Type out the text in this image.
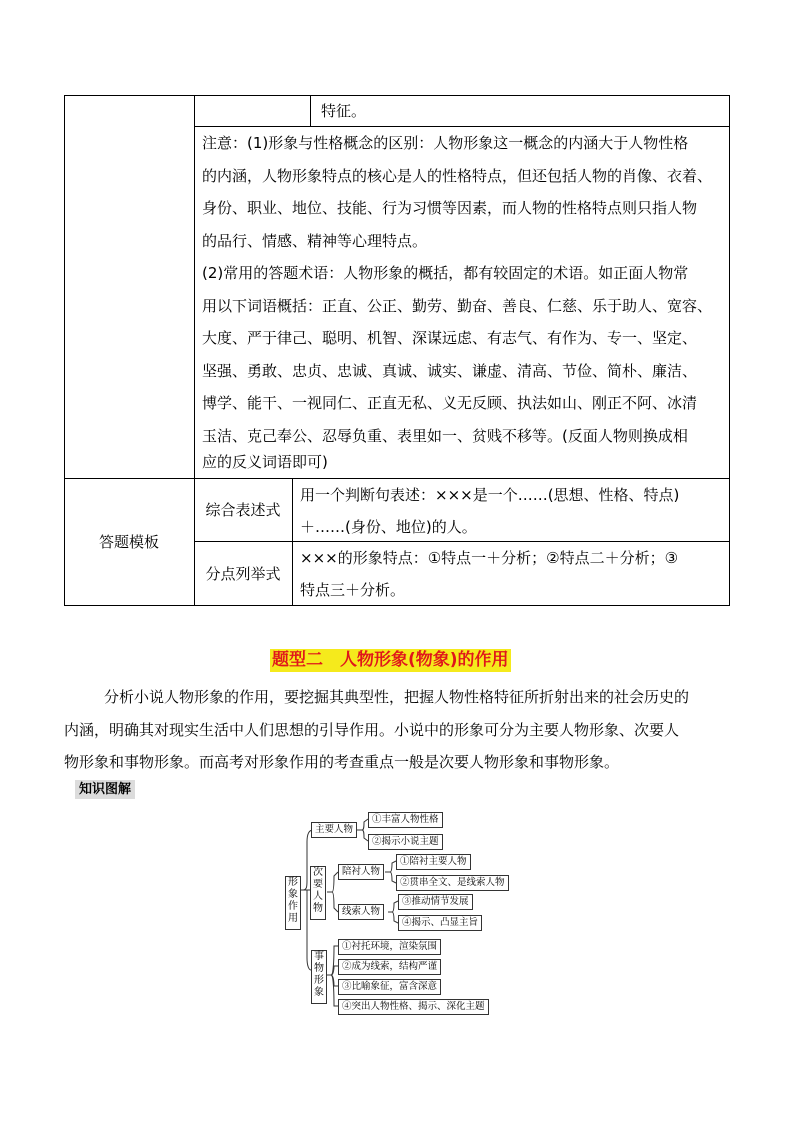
特征。
注意：(1)形象与性格概念的区别：人物形象这一概念的内涵大于人物性格
的内涵，人物形象特点的核心是人的性格特点，但还包括人物的肖像、衣着、
身份、职业、地位、技能、行为习惯等因素，而人物的性格特点则只指人物
的品行、情感、精神等心理特点。
(2)常用的答题术语：人物形象的概括，都有较固定的术语。如正面人物常
用以下词语概括：正直、公正、勤劳、勤奋、善良、仁慈、乐于助人、宽容、
大度、严于律己、聪明、机智、深谋远虑、有志气、有作为、专一、坚定、
坚强、勇敢、忠贞、忠诚、真诚、诚实、谦虚、清高、节俭、简朴、廉洁、
博学、能干、一视同仁、正直无私、义无反顾、执法如山、刚正不阿、冰清
玉洁、克己奉公、忍辱负重、表里如一、贫贱不移等。(反面人物则换成相
应的反义词语即可)
答题模板
综合表述式
用一个判断句表述：×××是一个……(思想、性格、特点)
＋……(身份、地位)的人。
分点列举式
×××的形象特点：①特点一＋分析；②特点二＋分析；③
特点三＋分析。
题型二　人物形象(物象)的作用
分析小说人物形象的作用，要挖掘其典型性，把握人物性格特征所折射出来的社会历史的
内涵，明确其对现实生活中人们思想的引导作用。小说中的形象可分为主要人物形象、次要人
物形象和事物形象。而高考对形象作用的考查重点一般是次要人物形象和事物形象。
知识图解
形象作用
主要人物
①丰富人物性格
②揭示小说主题
次要人物
陪衬人物
①陪衬主要人物
②贯串全文、是线索人物
线索人物
③推动情节发展
④揭示、凸显主旨
事物形象
①衬托环境，渲染氛围
②成为线索，结构严谨
③比喻象征，富含深意
④突出人物性格、揭示、深化主题
